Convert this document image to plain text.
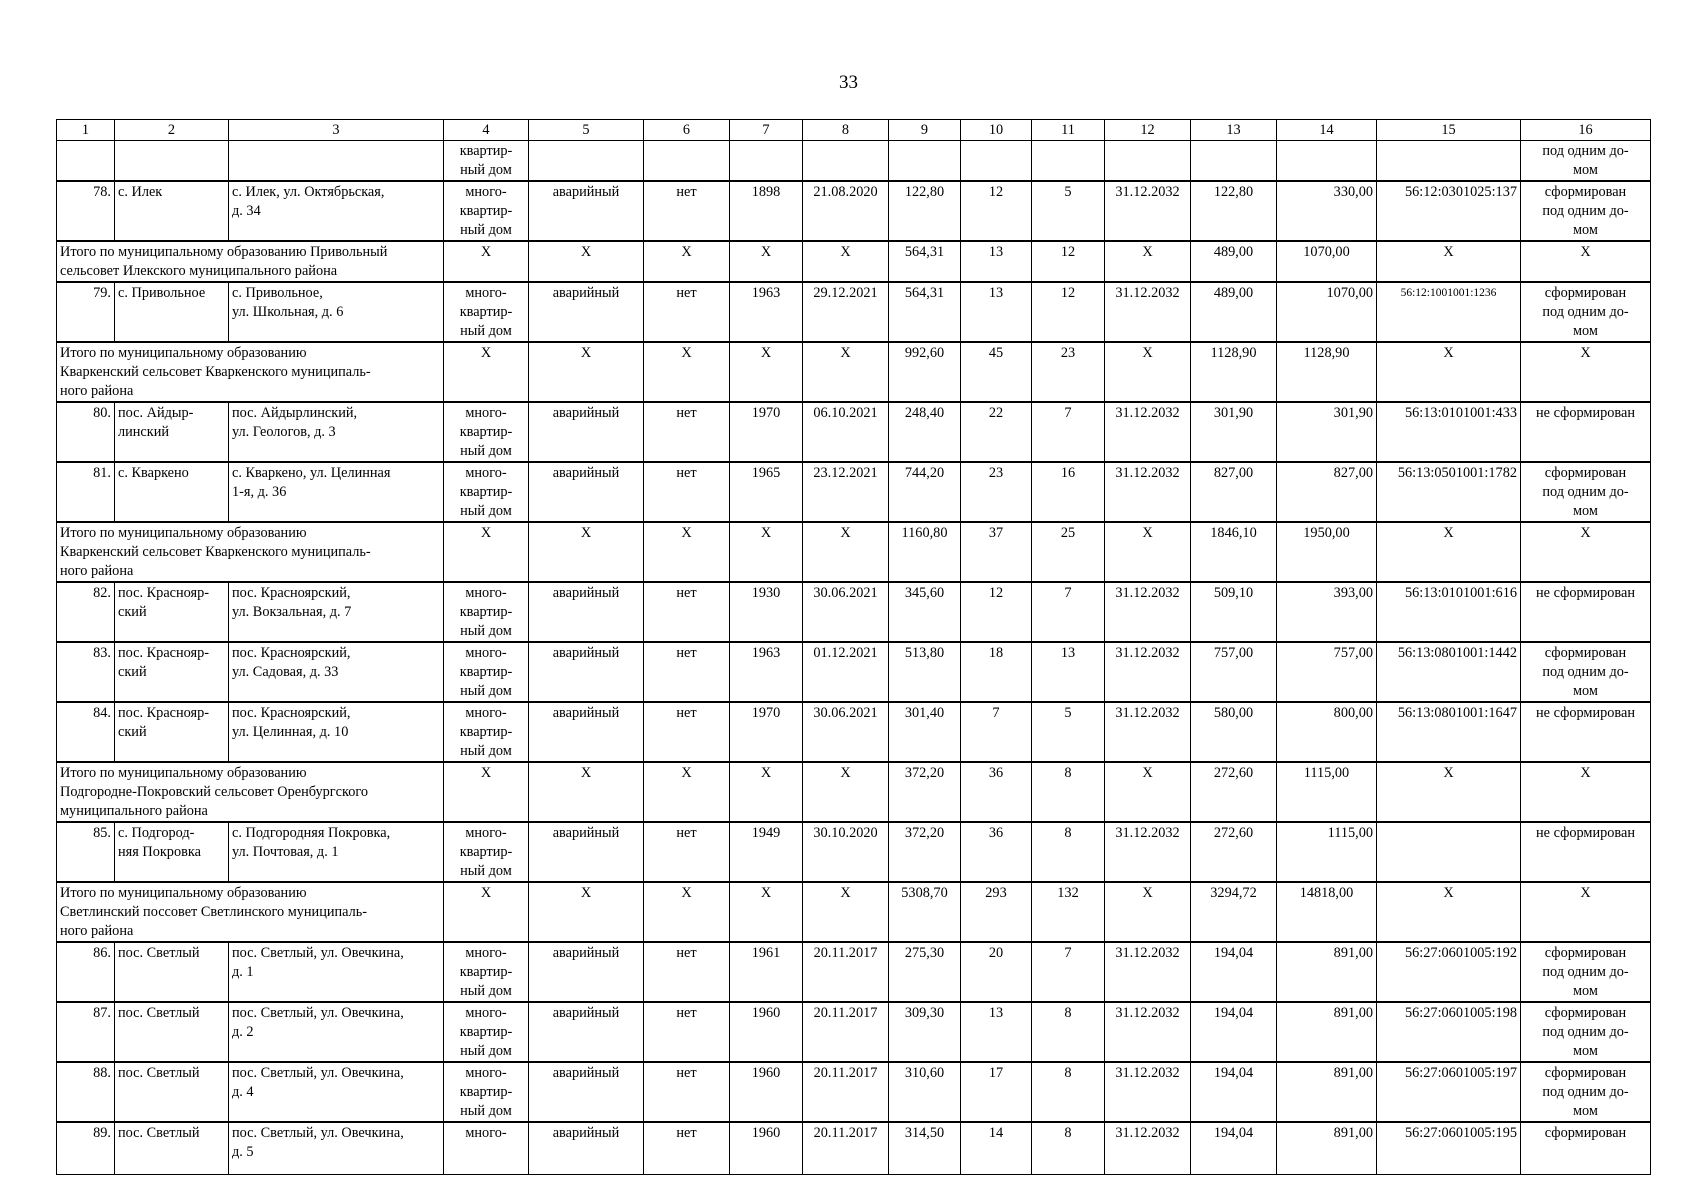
33
1	2	3	4	5	6	7	8	9	10	11	12	13	14	15	16
			квартир-
ный дом												под одним до-
мом
78.	с. Илек	с. Илек, ул. Октябрьская,
д. 34	много-
квартир-
ный дом	аварийный	нет	1898	21.08.2020	122,80	12	5	31.12.2032	122,80	330,00	56:12:0301025:137	сформирован
под одним до-
мом
Итого по муниципальному образованию Привольный сельсовет Илекского муниципального района			Х	Х	Х	Х	Х	564,31	13	12	Х	489,00	1070,00	Х	Х
79.	с. Привольное	с. Привольное,
ул. Школьная, д. 6	много-
квартир-
ный дом	аварийный	нет	1963	29.12.2021	564,31	13	12	31.12.2032	489,00	1070,00	56:12:1001001:1236	сформирован
под одним до-
мом
Итого по муниципальному образованию
Кваркенский сельсовет Кваркенского муниципаль-
ного района			Х	Х	Х	Х	Х	992,60	45	23	Х	1128,90	1128,90	Х	Х
80.	пос. Айдыр-
линский	пос. Айдырлинский,
ул. Геологов, д. 3	много-
квартир-
ный дом	аварийный	нет	1970	06.10.2021	248,40	22	7	31.12.2032	301,90	301,90	56:13:0101001:433	не сформирован
81.	с. Кваркено	с. Кваркено, ул. Целинная
1-я, д. 36	много-
квартир-
ный дом	аварийный	нет	1965	23.12.2021	744,20	23	16	31.12.2032	827,00	827,00	56:13:0501001:1782	сформирован
под одним до-
мом
Итого по муниципальному образованию
Кваркенский сельсовет Кваркенского муниципаль-
ного района			Х	Х	Х	Х	Х	1160,80	37	25	Х	1846,10	1950,00	Х	Х
82.	пос. Краснояр-
ский	пос. Красноярский,
ул. Вокзальная, д. 7	много-
квартир-
ный дом	аварийный	нет	1930	30.06.2021	345,60	12	7	31.12.2032	509,10	393,00	56:13:0101001:616	не сформирован
83.	пос. Краснояр-
ский	пос. Красноярский,
ул. Садовая, д. 33	много-
квартир-
ный дом	аварийный	нет	1963	01.12.2021	513,80	18	13	31.12.2032	757,00	757,00	56:13:0801001:1442	сформирован
под одним до-
мом
84.	пос. Краснояр-
ский	пос. Красноярский,
ул. Целинная, д. 10	много-
квартир-
ный дом	аварийный	нет	1970	30.06.2021	301,40	7	5	31.12.2032	580,00	800,00	56:13:0801001:1647	не сформирован
Итого по муниципальному образованию
Подгородне-Покровский сельсовет Оренбургского
муниципального района			Х	Х	Х	Х	Х	372,20	36	8	Х	272,60	1115,00	Х	Х
85.	с. Подгород-
няя Покровка	с. Подгородняя Покровка,
ул. Почтовая, д. 1	много-
квартир-
ный дом	аварийный	нет	1949	30.10.2020	372,20	36	8	31.12.2032	272,60	1115,00		не сформирован
Итого по муниципальному образованию
Светлинский поссовет Светлинского муниципаль-
ного района			Х	Х	Х	Х	Х	5308,70	293	132	Х	3294,72	14818,00	Х	Х
86.	пос. Светлый	пос. Светлый, ул. Овечкина,
д. 1	много-
квартир-
ный дом	аварийный	нет	1961	20.11.2017	275,30	20	7	31.12.2032	194,04	891,00	56:27:0601005:192	сформирован
под одним до-
мом
87.	пос. Светлый	пос. Светлый, ул. Овечкина,
д. 2	много-
квартир-
ный дом	аварийный	нет	1960	20.11.2017	309,30	13	8	31.12.2032	194,04	891,00	56:27:0601005:198	сформирован
под одним до-
мом
88.	пос. Светлый	пос. Светлый, ул. Овечкина,
д. 4	много-
квартир-
ный дом	аварийный	нет	1960	20.11.2017	310,60	17	8	31.12.2032	194,04	891,00	56:27:0601005:197	сформирован
под одним до-
мом
89.	пос. Светлый	пос. Светлый, ул. Овечкина,
д. 5	много-	аварийный	нет	1960	20.11.2017	314,50	14	8	31.12.2032	194,04	891,00	56:27:0601005:195	сформирован
